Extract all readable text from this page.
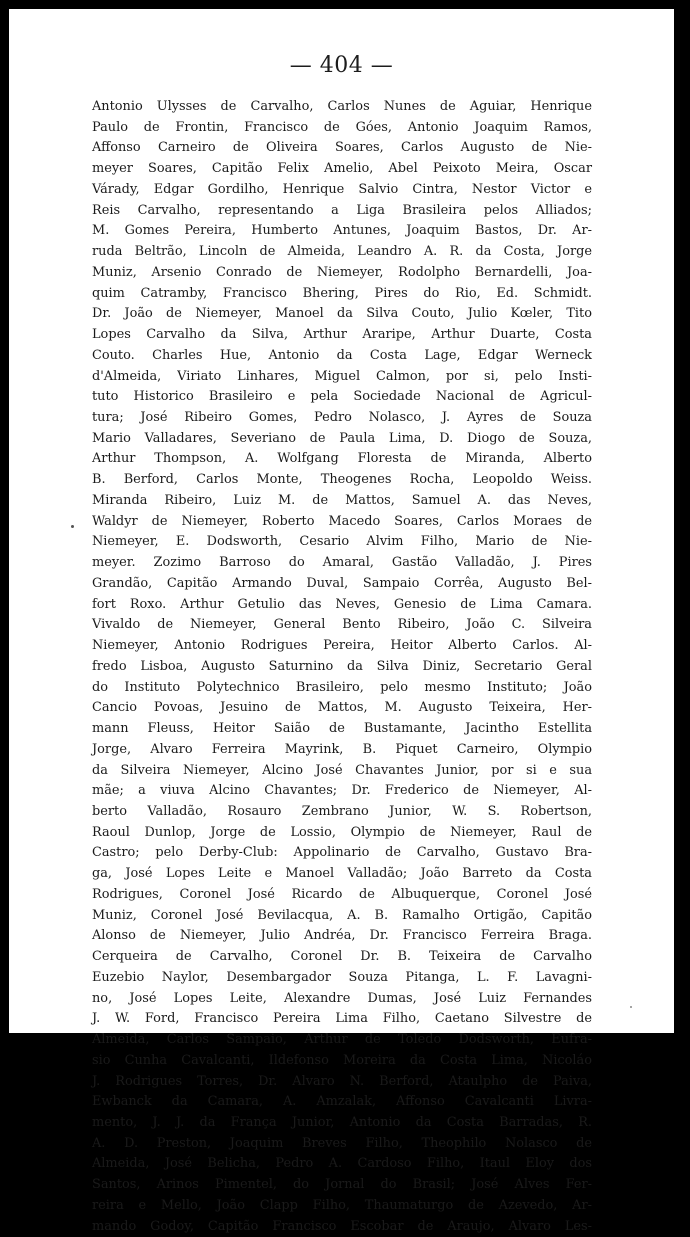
— 404 —
Antonio Ulysses de Carvalho, Carlos Nunes de Aguiar, Henrique
Paulo de Frontin, Francisco de Góes, Antonio Joaquim Ramos,
Affonso Carneiro de Oliveira Soares, Carlos Augusto de Nie-
meyer Soares, Capitão Felix Amelio, Abel Peixoto Meira, Oscar
Várady, Edgar Gordilho, Henrique Salvio Cintra, Nestor Victor e
Reis Carvalho, representando a Liga Brasileira pelos Alliados;
M. Gomes Pereira, Humberto Antunes, Joaquim Bastos, Dr. Ar-
ruda Beltrão, Lincoln de Almeida, Leandro A. R. da Costa, Jorge
Muniz, Arsenio Conrado de Niemeyer, Rodolpho Bernardelli, Joa-
quim Catramby, Francisco Bhering, Pires do Rio, Ed. Schmidt.
Dr. João de Niemeyer, Manoel da Silva Couto, Julio Kœler, Tito
Lopes Carvalho da Silva, Arthur Araripe, Arthur Duarte, Costa
Couto. Charles Hue, Antonio da Costa Lage, Edgar Werneck
d'Almeida, Viriato Linhares, Miguel Calmon, por si, pelo Insti-
tuto Historico Brasileiro e pela Sociedade Nacional de Agricul-
tura; José Ribeiro Gomes, Pedro Nolasco, J. Ayres de Souza
Mario Valladares, Severiano de Paula Lima, D. Diogo de Souza,
Arthur Thompson, A. Wolfgang Floresta de Miranda, Alberto
B. Berford, Carlos Monte, Theogenes Rocha, Leopoldo Weiss.
Miranda Ribeiro, Luiz M. de Mattos, Samuel A. das Neves,
Waldyr de Niemeyer, Roberto Macedo Soares, Carlos Moraes de
Niemeyer, E. Dodsworth, Cesario Alvim Filho, Mario de Nie-
meyer. Zozimo Barroso do Amaral, Gastão Valladão, J. Pires
Grandão, Capitão Armando Duval, Sampaio Corrêa, Augusto Bel-
fort Roxo. Arthur Getulio das Neves, Genesio de Lima Camara.
Vivaldo de Niemeyer, General Bento Ribeiro, João C. Silveira
Niemeyer, Antonio Rodrigues Pereira, Heitor Alberto Carlos. Al-
fredo Lisboa, Augusto Saturnino da Silva Diniz, Secretario Geral
do Instituto Polytechnico Brasileiro, pelo mesmo Instituto; João
Cancio Povoas, Jesuino de Mattos, M. Augusto Teixeira, Her-
mann Fleuss, Heitor Saião de Bustamante, Jacintho Estellita
Jorge, Alvaro Ferreira Mayrink, B. Piquet Carneiro, Olympio
da Silveira Niemeyer, Alcino José Chavantes Junior, por si e sua
mãe; a viuva Alcino Chavantes; Dr. Frederico de Niemeyer, Al-
berto Valladão, Rosauro Zembrano Junior, W. S. Robertson,
Raoul Dunlop, Jorge de Lossio, Olympio de Niemeyer, Raul de
Castro; pelo Derby-Club: Appolinario de Carvalho, Gustavo Bra-
ga, José Lopes Leite e Manoel Valladão; João Barreto da Costa
Rodrigues, Coronel José Ricardo de Albuquerque, Coronel José
Muniz, Coronel José Bevilacqua, A. B. Ramalho Ortigão, Capitão
Alonso de Niemeyer, Julio Andréa, Dr. Francisco Ferreira Braga.
Cerqueira de Carvalho, Coronel Dr. B. Teixeira de Carvalho
Euzebio Naylor, Desembargador Souza Pitanga, L. F. Lavagni-
no, José Lopes Leite, Alexandre Dumas, José Luiz Fernandes
J. W. Ford, Francisco Pereira Lima Filho, Caetano Silvestre de
Almeida, Carlos Sampaio, Arthur de Toledo Dodsworth, Eufra-
sio Cunha Cavalcanti, Ildefonso Moreira da Costa Lima, Nicoláo
J. Rodrigues Torres, Dr. Alvaro N. Berford, Ataulpho de Paiva,
Ewbanck da Camara, A. Amzalak, Affonso Cavalcanti Livra-
mento, J. J. da França Junior, Antonio da Costa Barradas, R.
A. D. Preston, Joaquim Breves Filho, Theophilo Nolasco de
Almeida, José Belicha, Pedro A. Cardoso Filho, Itaul Eloy dos
Santos, Arinos Pimentel, do Jornal do Brasil; José Alves Fer-
reira e Mello, João Clapp Filho, Thaumaturgo de Azevedo, Ar-
mando Godoy, Capitão Francisco Escobar de Araujo, Alvaro Les-
